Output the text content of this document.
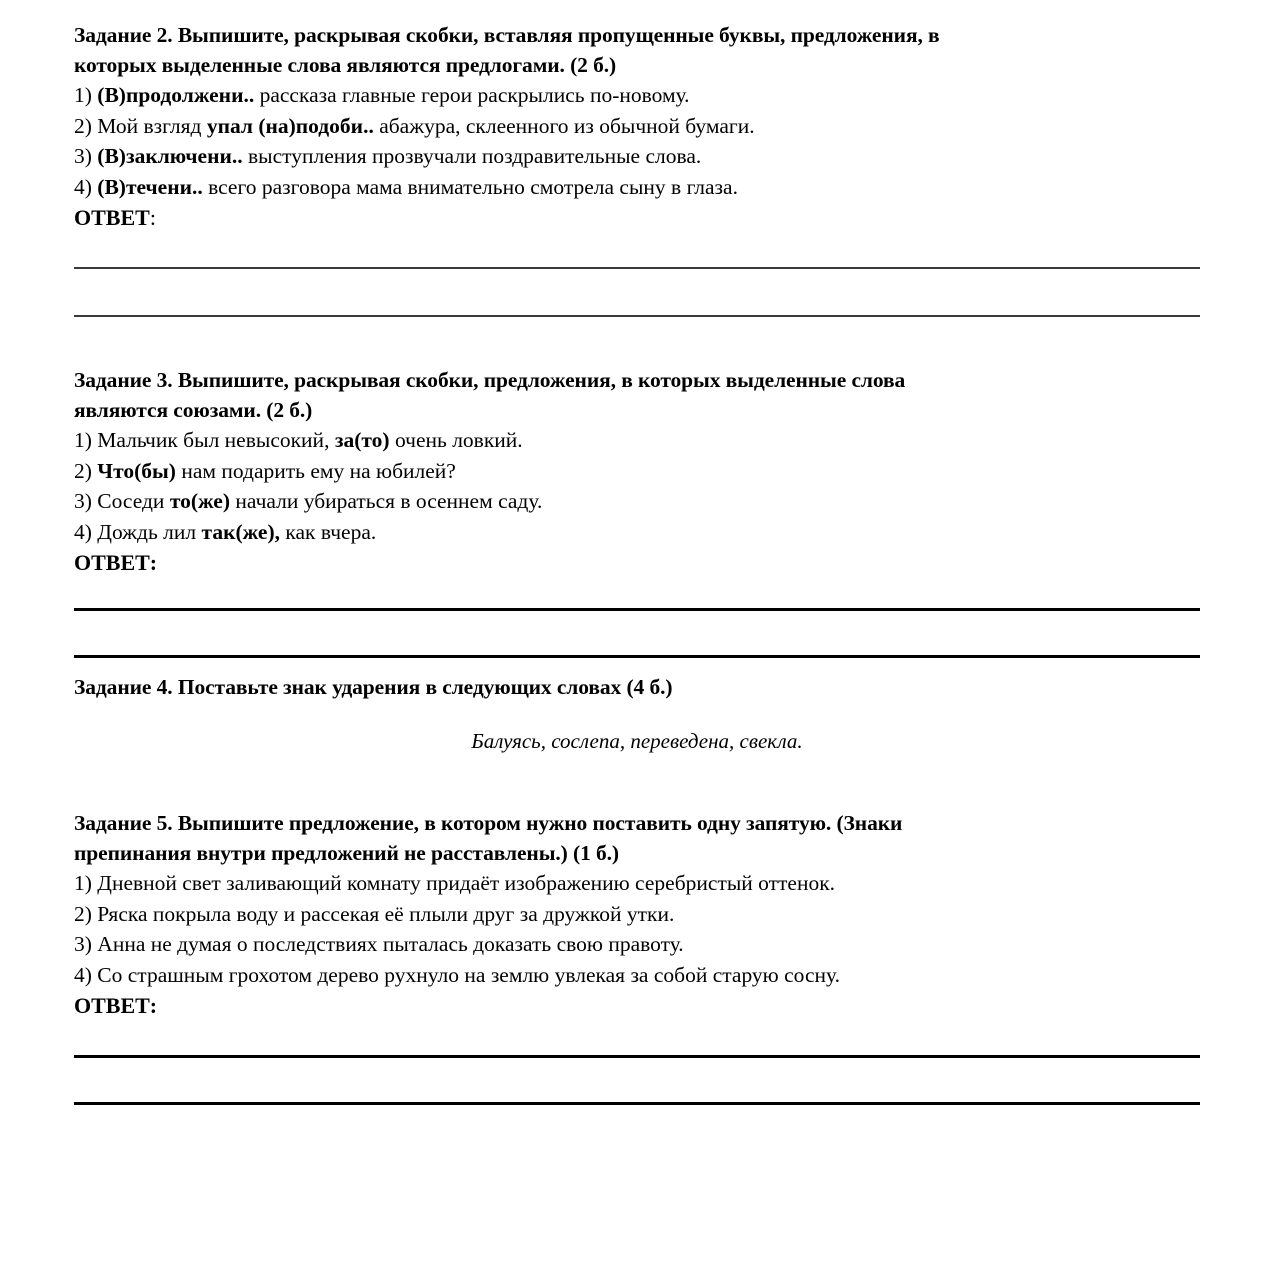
Задание 2. Выпишите, раскрывая скобки, вставляя пропущенные буквы, предложения, в
которых выделенные слова являются предлогами. (2 б.)
1) (В)продолжени.. рассказа главные герои раскрылись по-новому.
2) Мой взгляд упал (на)подоби.. абажура, склеенного из обычной бумаги.
3) (В)заключени.. выступления прозвучали поздравительные слова.
4) (В)течени.. всего разговора мама внимательно смотрела сыну в глаза.
ОТВЕТ:
Задание 3. Выпишите, раскрывая скобки, предложения, в которых выделенные слова
являются союзами. (2 б.)
1) Мальчик был невысокий, за(то) очень ловкий.
2) Что(бы) нам подарить ему на юбилей?
3) Соседи то(же) начали убираться в осеннем саду.
4) Дождь лил так(же), как вчера.
ОТВЕТ:
Задание 4. Поставьте знак ударения в следующих словах (4 б.)
Балуясь, сослепа, переведена, свекла.
Задание 5. Выпишите предложение, в котором нужно поставить одну запятую. (Знаки
препинания внутри предложений не расставлены.) (1 б.)
1) Дневной свет заливающий комнату придаёт изображению серебристый оттенок.
2) Ряска покрыла воду и рассекая её плыли друг за дружкой утки.
3) Анна не думая о последствиях пыталась доказать свою правоту.
4) Со страшным грохотом дерево рухнуло на землю увлекая за собой старую сосну.
ОТВЕТ:
